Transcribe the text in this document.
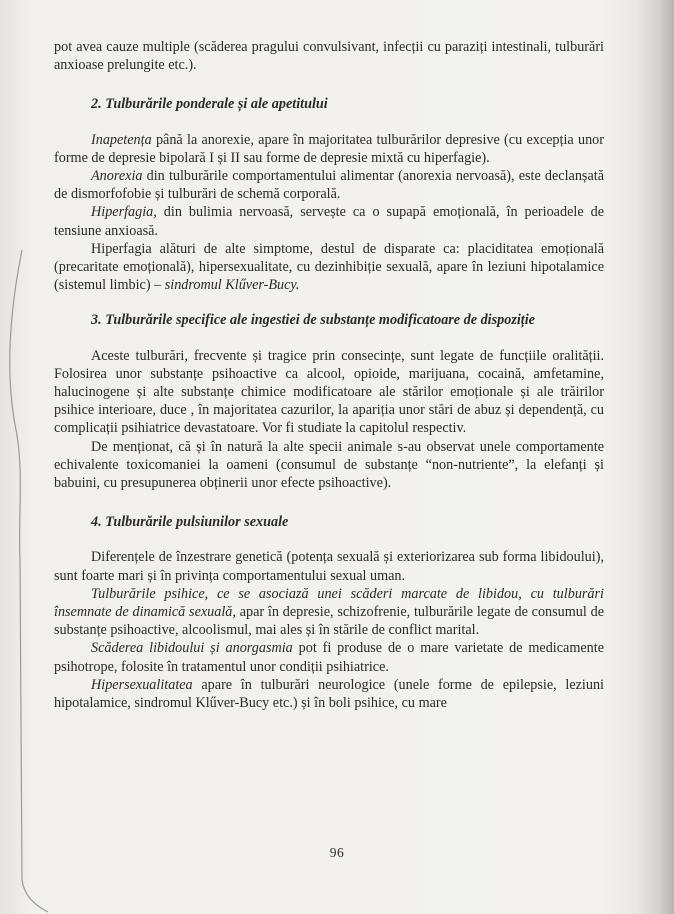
pot avea cauze multiple (scăderea pragului convulsivant, infecții cu paraziți intestinali, tulburări anxioase prelungite etc.).

2. Tulburările ponderale și ale apetitului

Inapetența până la anorexie, apare în majoritatea tulburărilor depresive (cu excepția unor forme de depresie bipolară I și II sau forme de depresie mixtă cu hiperfagie).

Anorexia din tulburările comportamentului alimentar (anorexia nervoasă), este declanșată de dismorfofobie și tulburări de schemă corporală.

Hiperfagia, din bulimia nervoasă, servește ca o supapă emoțională, în perioadele de tensiune anxioasă.

Hiperfagia alături de alte simptome, destul de disparate ca: placiditatea emoțională (precaritate emoțională), hipersexualitate, cu dezinhibiție sexuală, apare în leziuni hipotalamice (sistemul limbic) – sindromul Klűver-Bucy.

3. Tulburările specifice ale ingestiei de substanțe modificatoare de dispoziție

Aceste tulburări, frecvente și tragice prin consecințe, sunt legate de funcțiile oralității. Folosirea unor substanțe psihoactive ca alcool, opioide, marijuana, cocaină, amfetamine, halucinogene și alte substanțe chimice modificatoare ale stărilor emoționale și ale trăirilor psihice interioare, duce , în majoritatea cazurilor, la apariția unor stări de abuz și dependență, cu complicații psihiatrice devastatoare. Vor fi studiate la capitolul respectiv.

De menționat, că și în natură la alte specii animale s-au observat unele comportamente echivalente toxicomaniei la oameni (consumul de substanțe “non-nutriente”, la elefanți și babuini, cu presupunerea obținerii unor efecte psihoactive).

4. Tulburările pulsiunilor sexuale

Diferențele de înzestrare genetică (potența sexuală și exteriorizarea sub forma libidoului), sunt foarte mari și în privința comportamentului sexual uman.

Tulburările psihice, ce se asociază unei scăderi marcate de libidou, cu tulburări însemnate de dinamică sexuală, apar în depresie, schizofrenie, tulburările legate de consumul de substanțe psihoactive, alcoolismul, mai ales și în stările de conflict marital.

Scăderea libidoului și anorgasmia pot fi produse de o mare varietate de medicamente psihotrope, folosite în tratamentul unor condiții psihiatrice.

Hipersexualitatea apare în tulburări neurologice (unele forme de epilepsie, leziuni hipotalamice, sindromul Klűver-Bucy etc.) și în boli psihice, cu mare

96
